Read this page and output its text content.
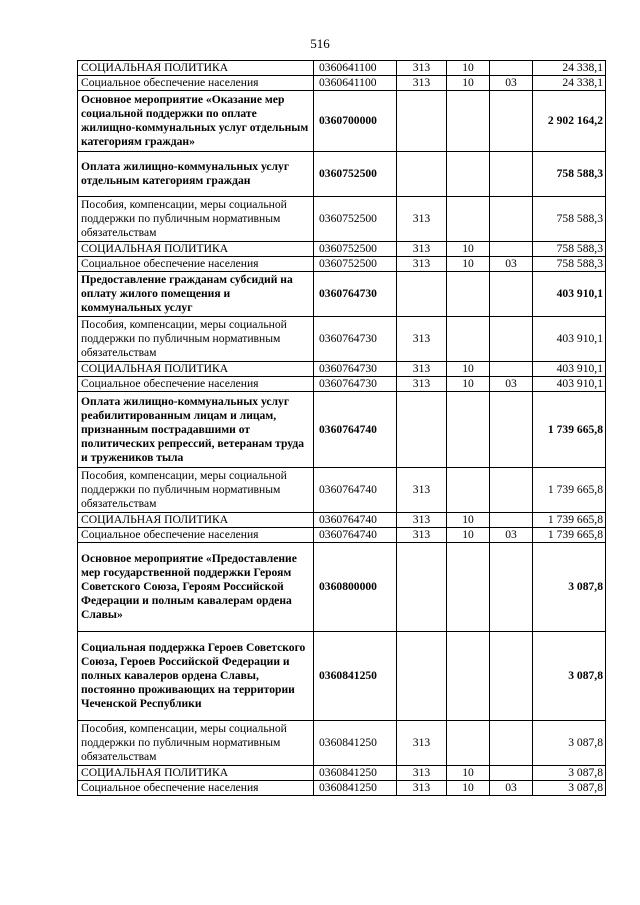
516
СОЦИАЛЬНАЯ ПОЛИТИКА	0360641100	313	10		24 338,1
Социальное обеспечение населения	0360641100	313	10	03	24 338,1
Основное мероприятие «Оказание мер социальной поддержки по оплате жилищно-коммунальных услуг отдельным категориям граждан»	0360700000				2 902 164,2
Оплата жилищно-коммунальных услуг отдельным категориям граждан	0360752500				758 588,3
Пособия, компенсации, меры социальной поддержки по публичным нормативным обязательствам	0360752500	313			758 588,3
СОЦИАЛЬНАЯ ПОЛИТИКА	0360752500	313	10		758 588,3
Социальное обеспечение населения	0360752500	313	10	03	758 588,3
Предоставление гражданам субсидий на оплату жилого помещения и коммунальных услуг	0360764730				403 910,1
Пособия, компенсации, меры социальной поддержки по публичным нормативным обязательствам	0360764730	313			403 910,1
СОЦИАЛЬНАЯ ПОЛИТИКА	0360764730	313	10		403 910,1
Социальное обеспечение населения	0360764730	313	10	03	403 910,1
Оплата жилищно-коммунальных услуг реабилитированным лицам и лицам, признанным пострадавшими от политических репрессий, ветеранам труда и тружеников тыла	0360764740				1 739 665,8
Пособия, компенсации, меры социальной поддержки по публичным нормативным обязательствам	0360764740	313			1 739 665,8
СОЦИАЛЬНАЯ ПОЛИТИКА	0360764740	313	10		1 739 665,8
Социальное обеспечение населения	0360764740	313	10	03	1 739 665,8
Основное мероприятие «Предоставление мер государственной поддержки Героям Советского Союза, Героям Российской Федерации и полным кавалерам ордена Славы»	0360800000				3 087,8
Социальная поддержка Героев Советского Союза, Героев Российской Федерации и полных кавалеров ордена Славы, постоянно проживающих на территории Чеченской Республики	0360841250				3 087,8
Пособия, компенсации, меры социальной поддержки по публичным нормативным обязательствам	0360841250	313			3 087,8
СОЦИАЛЬНАЯ ПОЛИТИКА	0360841250	313	10		3 087,8
Социальное обеспечение населения	0360841250	313	10	03	3 087,8
